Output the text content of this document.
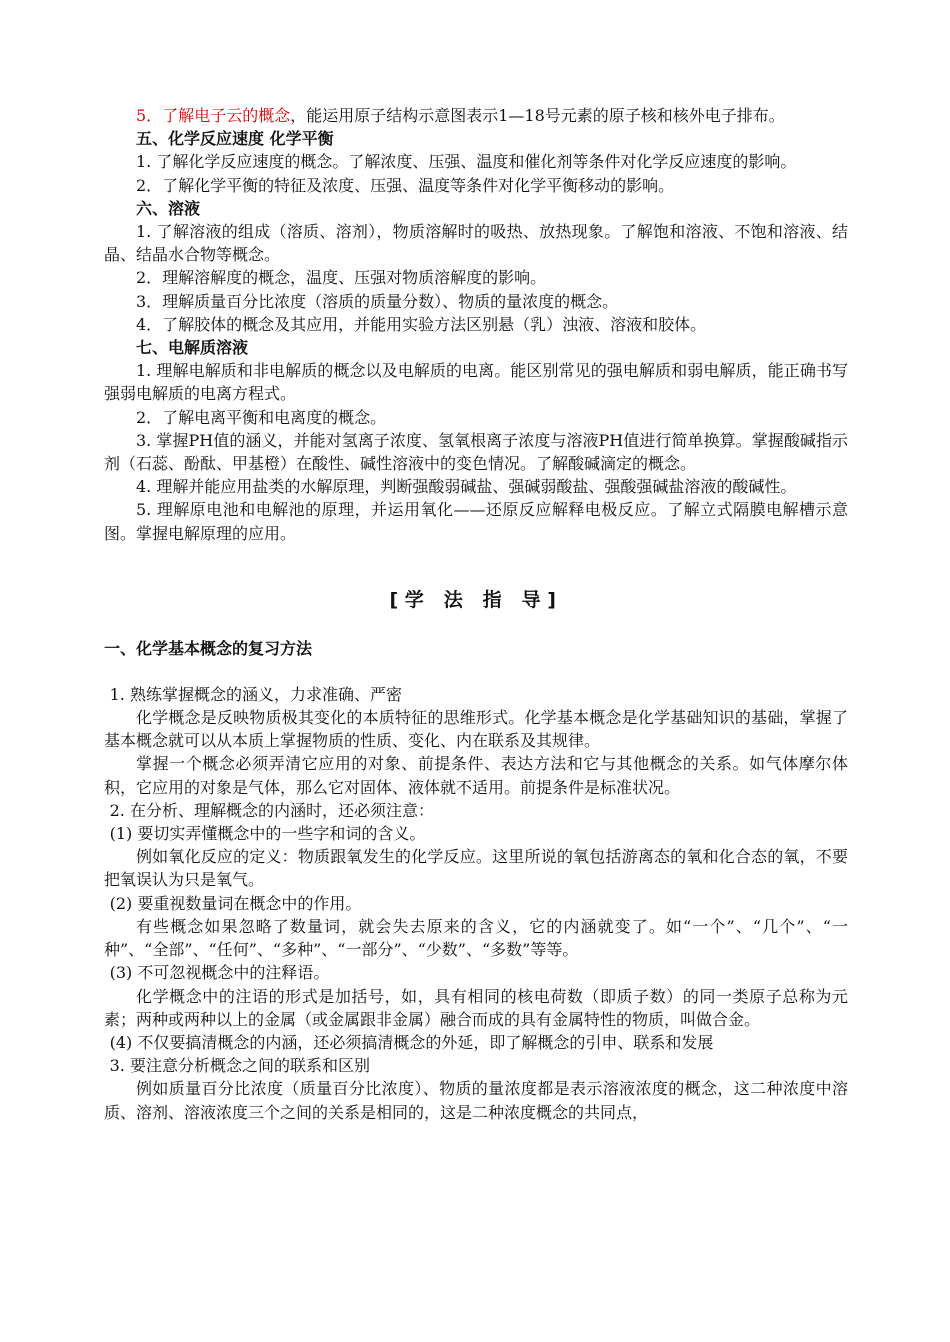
5．了解电子云的概念，能运用原子结构示意图表示1—18号元素的原子核和核外电子排布。

五、化学反应速度 化学平衡

1. 了解化学反应速度的概念。了解浓度、压强、温度和催化剂等条件对化学反应速度的影响。

2．了解化学平衡的特征及浓度、压强、温度等条件对化学平衡移动的影响。

六、溶液

1. 了解溶液的组成（溶质、溶剂），物质溶解时的吸热、放热现象。了解饱和溶液、不饱和溶液、结晶、结晶水合物等概念。

2．理解溶解度的概念，温度、压强对物质溶解度的影响。

3．理解质量百分比浓度（溶质的质量分数）、物质的量浓度的概念。

4．了解胶体的概念及其应用，并能用实验方法区别悬（乳）浊液、溶液和胶体。

七、电解质溶液

1. 理解电解质和非电解质的概念以及电解质的电离。能区别常见的强电解质和弱电解质，能正确书写强弱电解质的电离方程式。

2．了解电离平衡和电离度的概念。

3. 掌握PH值的涵义，并能对氢离子浓度、氢氧根离子浓度与溶液PH值进行简单换算。掌握酸碱指示剂（石蕊、酚酞、甲基橙）在酸性、碱性溶液中的变色情况。了解酸碱滴定的概念。

4. 理解并能应用盐类的水解原理，判断强酸弱碱盐、强碱弱酸盐、强酸强碱盐溶液的酸碱性。

5. 理解原电池和电解池的原理，并运用氧化——还原反应解释电极反应。了解立式隔膜电解槽示意图。掌握电解原理的应用。

[学 法 指 导]
一、化学基本概念的复习方法

1. 熟练掌握概念的涵义，力求准确、严密

化学概念是反映物质极其变化的本质特征的思维形式。化学基本概念是化学基础知识的基础，掌握了基本概念就可以从本质上掌握物质的性质、变化、内在联系及其规律。

掌握一个概念必须弄清它应用的对象、前提条件、表达方法和它与其他概念的关系。如气体摩尔体积，它应用的对象是气体，那么它对固体、液体就不适用。前提条件是标准状况。

2. 在分析、理解概念的内涵时，还必须注意：

(1) 要切实弄懂概念中的一些字和词的含义。

例如氧化反应的定义：物质跟氧发生的化学反应。这里所说的氧包括游离态的氧和化合态的氧，不要把氧误认为只是氧气。

(2) 要重视数量词在概念中的作用。

有些概念如果忽略了数量词，就会失去原来的含义，它的内涵就变了。如“一个”、“几个”、“一种”、“全部”、“任何”、“多种”、“一部分”、“少数”、“多数”等等。

(3) 不可忽视概念中的注释语。

化学概念中的注语的形式是加括号，如，具有相同的核电荷数（即质子数）的同一类原子总称为元素；两种或两种以上的金属（或金属跟非金属）融合而成的具有金属特性的物质，叫做合金。

(4) 不仅要搞清概念的内涵，还必须搞清概念的外延，即了解概念的引申、联系和发展

3. 要注意分析概念之间的联系和区别

例如质量百分比浓度（质量百分比浓度）、物质的量浓度都是表示溶液浓度的概念，这二种浓度中溶质、溶剂、溶液浓度三个之间的关系是相同的，这是二种浓度概念的共同点，
